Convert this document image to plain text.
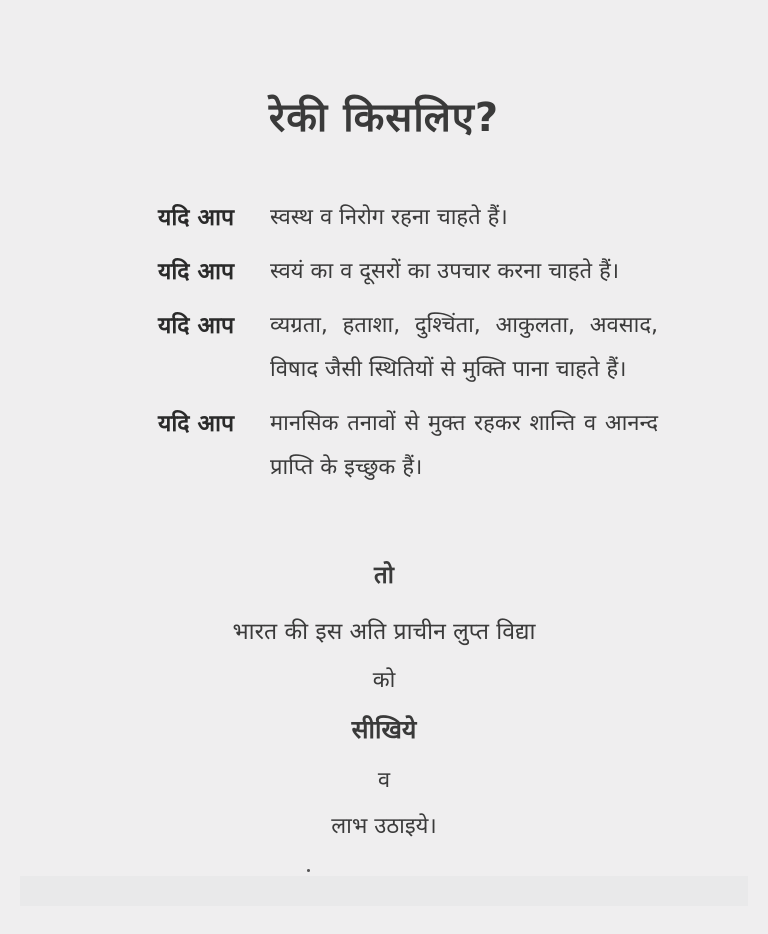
रेकी किसलिए?
यदि आप	स्वस्थ व निरोग रहना चाहते हैं।
यदि आप	स्वयं का व दूसरों का उपचार करना चाहते हैं।
यदि आप	व्यग्रता, हताशा, दुश्चिंता, आकुलता, अवसाद, विषाद जैसी स्थितियों से मुक्ति पाना चाहते हैं।
यदि आप	मानसिक तनावों से मुक्त रहकर शान्ति व आनन्द प्राप्ति के इच्छुक हैं।
तो
भारत की इस अति प्राचीन लुप्त विद्या
को
सीखिये
व
लाभ उठाइये।
